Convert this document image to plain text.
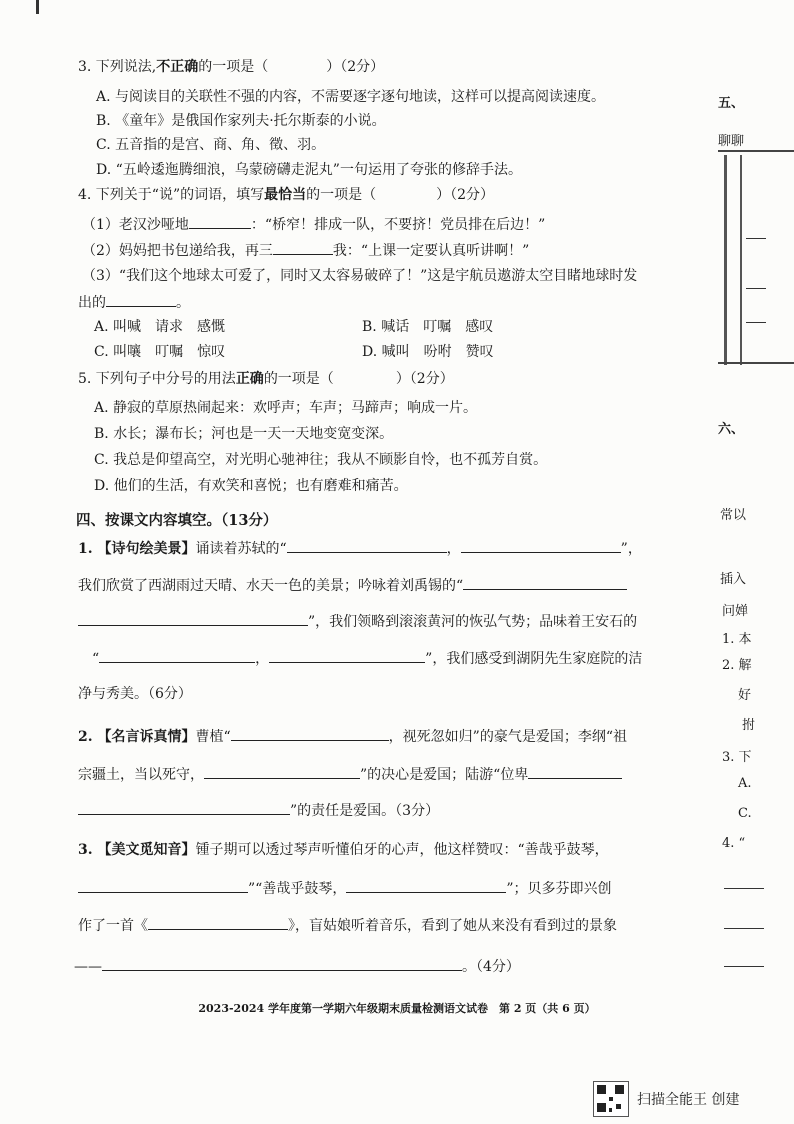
3. 下列说法,不正确的一项是（	）（2分）
A. 与阅读目的关联性不强的内容，不需要逐字逐句地读，这样可以提高阅读速度。
B. 《童年》是俄国作家列夫·托尔斯泰的小说。
C. 五音指的是宫、商、角、徵、羽。
D. “五岭逶迤腾细浪，乌蒙磅礴走泥丸”一句运用了夸张的修辞手法。
4. 下列关于“说”的词语，填写最恰当的一项是（	）（2分）
（1）老汉沙哑地	：“桥窄！排成一队，不要挤！党员排在后边！”
（2）妈妈把书包递给我，再三	我：“上课一定要认真听讲啊！”
（3）“我们这个地球太可爱了，同时又太容易破碎了！”这是宇航员遨游太空目睹地球时发
出的	。
A. 叫喊　请求　感慨	B. 喊话　叮嘱　感叹
C. 叫嚷　叮嘱　惊叹	D. 喊叫　吩咐　赞叹
5. 下列句子中分号的用法正确的一项是（	）（2分）
A. 静寂的草原热闹起来：欢呼声；车声；马蹄声；响成一片。
B. 水长；瀑布长；河也是一天一天地变宽变深。
C. 我总是仰望高空，对光明心驰神往；我从不顾影自怜，也不孤芳自赏。
D. 他们的生活，有欢笑和喜悦；也有磨难和痛苦。
四、按课文内容填空。（13分）
1. 【诗句绘美景】诵读着苏轼的“	，	”，
我们欣赏了西湖雨过天晴、水天一色的美景；吟咏着刘禹锡的“
”，我们领略到滚滚黄河的恢弘气势；品味着王安石的
“	，	”，我们感受到湖阴先生家庭院的洁
净与秀美。（6分）
2. 【名言诉真情】曹植“	，视死忽如归”的豪气是爱国；李纲“祖
宗疆土，当以死守，	”的决心是爱国；陆游“位卑
”的责任是爱国。（3分）
3. 【美文觅知音】锺子期可以透过琴声听懂伯牙的心声，他这样赞叹：“善哉乎鼓琴，
”“善哉乎鼓琴，	”；贝多芬即兴创
作了一首《	》，盲姑娘听着音乐，看到了她从来没有看到过的景象
——	。（4分）
2023-2024 学年度第一学期六年级期末质量检测语文试卷　第 2 页（共 6 页）
五、
聊聊
六、
常以
插入
问婵
1. 本
2. 解
好
拊
3. 下
A.
C.
4. “
扫描全能王 创建
